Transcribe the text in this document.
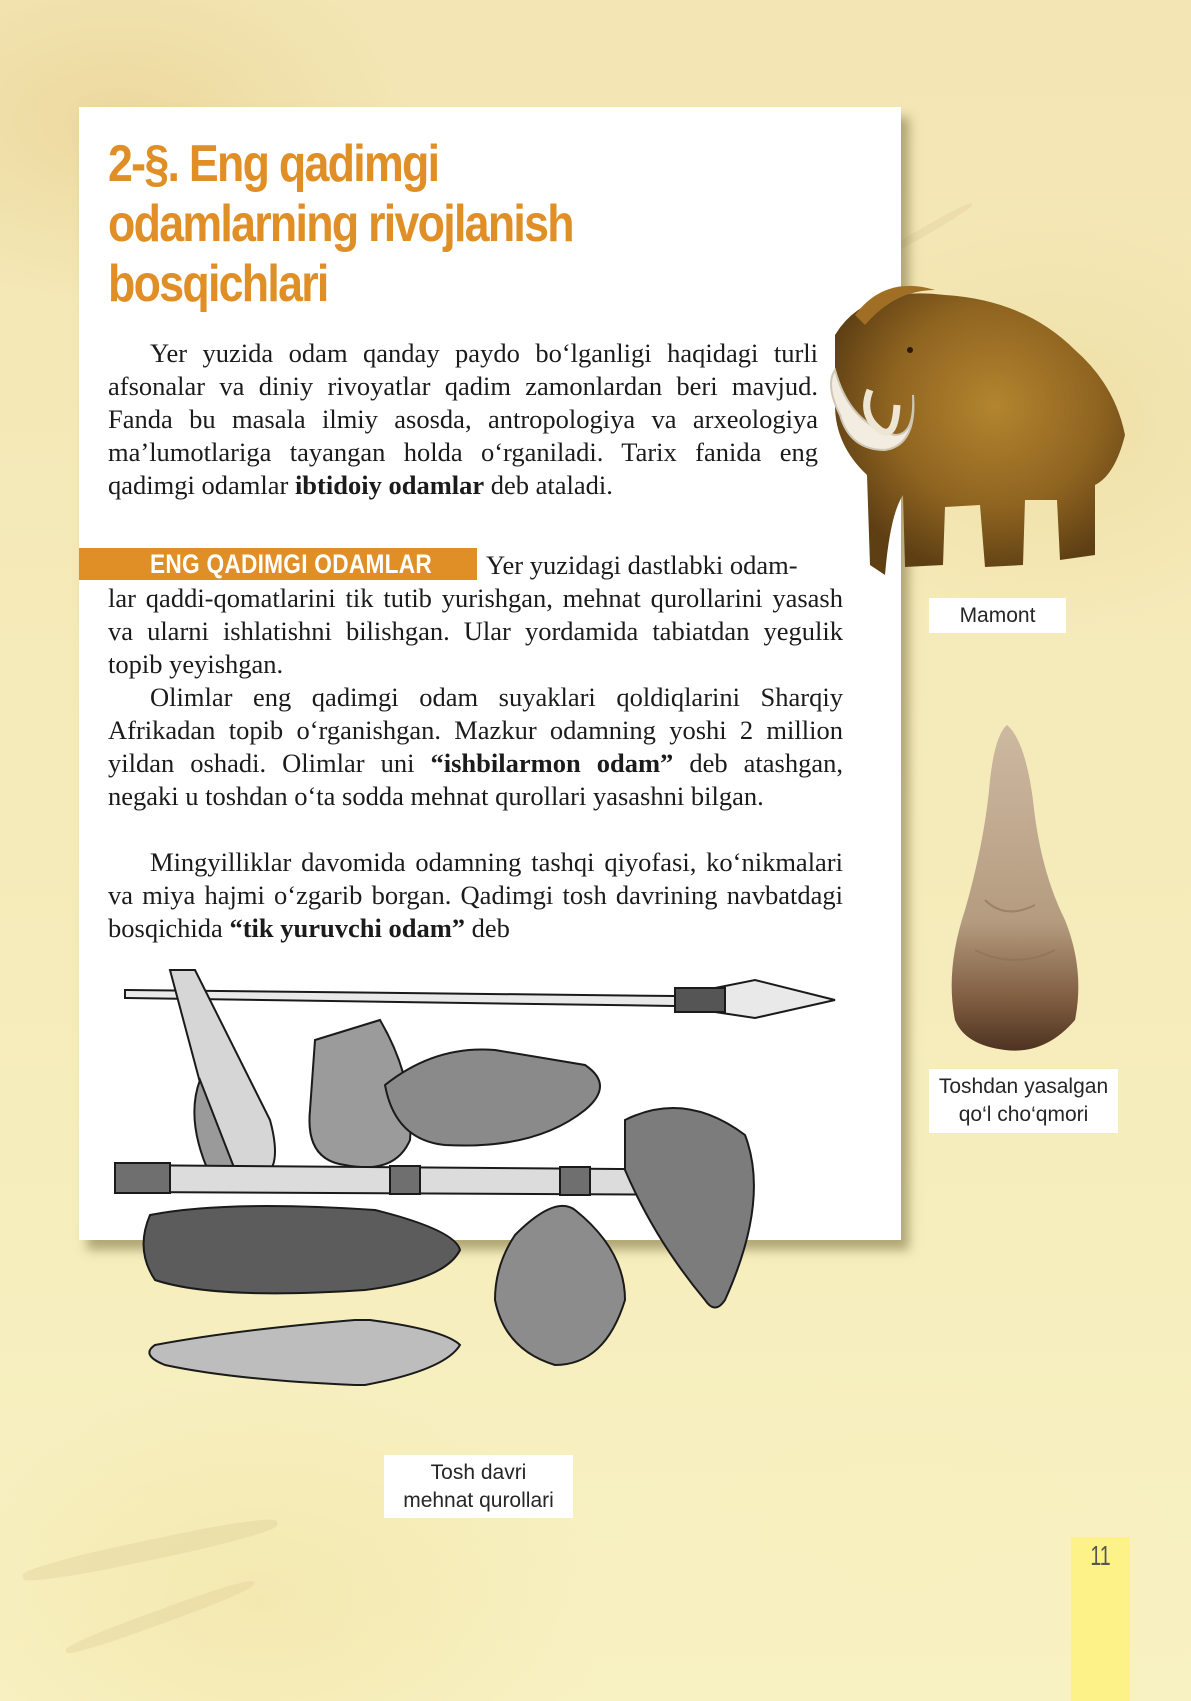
2-§. Eng qadimgi
odamlarning rivojlanish
bosqichlari

Yer yuzida odam qanday paydo bo‘lganligi haqidagi turli afsonalar va diniy rivoyatlar qadim zamonlardan beri mavjud. Fanda bu masala ilmiy asosda, antropologiya va arxeologiya ma’lumotlariga tayangan holda o‘rganiladi. Tarix fanida eng qadimgi odamlar ibtidoiy odamlar deb ataladi.

ENG QADIMGI ODAMLAR Yer yuzidagi dastlabki odam-

lar qaddi-qomatlarini tik tutib yurishgan, mehnat qurollarini yasash va ularni ishlatishni bilishgan. Ular yordamida tabiatdan yegulik topib yeyishgan.

Olimlar eng qadimgi odam suyaklari qoldiqlarini Sharqiy Afrikadan topib o‘rganishgan. Mazkur odamning yoshi 2 million yildan oshadi. Olimlar uni “ishbilarmon odam” deb atashgan, negaki u toshdan o‘ta sodda mehnat qurollari yasashni bilgan.

Mingyilliklar davomida odamning tashqi qiyofasi, ko‘nikmalari va miya hajmi o‘zgarib borgan. Qadimgi tosh davrining navbatdagi bosqichida “tik yuruvchi odam” deb

Mamont
Toshdan yasalgan
qo‘l cho‘qmori
Tosh davri
mehnat qurollari
11
